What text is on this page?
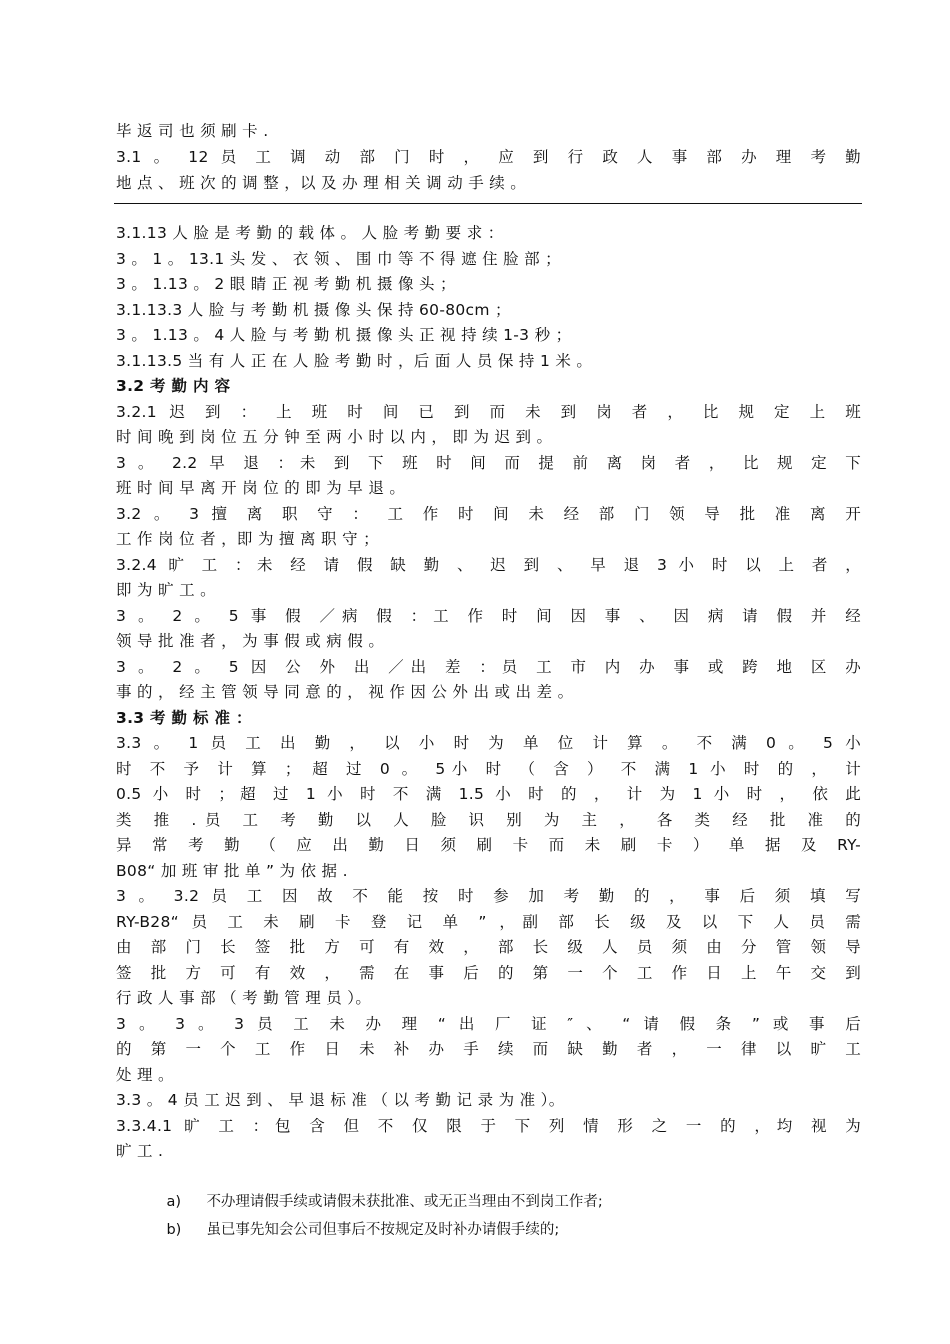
毕 返 司 也 须 刷 卡 .
3.1 。 12 员 工 调 动 部 门 时 ， 应 到 行 政 人 事 部 办 理 考 勤
地 点 、 班 次 的 调 整 ，以 及 办 理 相 关 调 动 手 续 。
3.1.13 人 脸 是 考 勤 的 载 体 。 人 脸 考 勤 要 求 ：
3 。 1 。 13.1 头 发 、 衣 领 、 围 巾 等 不 得 遮 住 脸 部 ；
3 。 1.13 。 2 眼 睛 正 视 考 勤 机 摄 像 头 ；
3.1.13.3 人 脸 与 考 勤 机 摄 像 头 保 持 60-80cm ；
3 。 1.13 。 4 人 脸 与 考 勤 机 摄 像 头 正 视 持 续 1-3 秒 ；
3.1.13.5 当 有 人 正 在 人 脸 考 勤 时 ，后 面 人 员 保 持 1 米 。
3.2 考 勤 内 容
3.2.1 迟 到 ： 上 班 时 间 已 到 而 未 到 岗 者 ， 比 规 定 上 班
时 间 晚 到 岗 位 五 分 钟 至 两 小 时 以 内 ， 即 为 迟 到 。
3 。 2.2 早 退 ：未 到 下 班 时 间 而 提 前 离 岗 者 ， 比 规 定 下
班 时 间 早 离 开 岗 位 的 即 为 早 退 。
3.2 。 3 擅 离 职 守 ： 工 作 时 间 未 经 部 门 领 导 批 准 离 开
工 作 岗 位 者 ，即 为 擅 离 职 守 ；
3.2.4 旷 工 ：未 经 请 假 缺 勤 、 迟 到 、 早 退 3 小 时 以 上 者 ，
即 为 旷 工 。
3 。 2 。 5 事 假 ／病 假 ：工 作 时 间 因 事 、 因 病 请 假 并 经
领 导 批 准 者 ， 为 事 假 或 病 假 。
3 。 2 。 5 因 公 外 出 ／出 差 ：员 工 市 内 办 事 或 跨 地 区 办
事 的 ， 经 主 管 领 导 同 意 的 ， 视 作 因 公 外 出 或 出 差 。
3.3 考 勤 标 准 ：
3.3 。 1 员 工 出 勤 ， 以 小 时 为 单 位 计 算 。 不 满 0 。 5 小
时 不 予 计 算 ； 超 过 0 。 5小 时 （ 含 ） 不 满 1 小 时 的 ， 计
0.5 小 时 ；超 过 1 小 时 不 满 1.5 小 时 的 ， 计 为 1 小 时 ， 依 此
类 推 .员 工 考 勤 以 人 脸 识 别 为 主 ， 各 类 经 批 准 的
异 常 考 勤 （ 应 出 勤 日 须 刷 卡 而 未 刷 卡 ） 单 据 及 RY-
B08“ 加 班 审 批 单 ” 为 依 据 .
3 。 3.2 员 工 因 故 不 能 按 时 参 加 考 勤 的 ， 事 后 须 填 写
RY-B28“ 员 工 未 刷 卡 登 记 单 ” ，副 部 长 级 及 以 下 人 员 需
由 部 门 长 签 批 方 可 有 效 ， 部 长 级 人 员 须 由 分 管 领 导
签 批 方 可 有 效 ， 需 在 事 后 的 第 一 个 工 作 日 上 午 交 到
行 政 人 事 部 （ 考 勤 管 理 员 ）。
3 。 3 。 3 员 工 未 办 理 “ 出 厂 证 ″ 、 “ 请 假 条 ” 或 事 后
的 第 一 个 工 作 日 未 补 办 手 续 而 缺 勤 者 ， 一 律 以 旷 工
处 理 。
3.3 。 4 员 工 迟 到 、 早 退 标 准 （ 以 考 勤 记 录 为 准 ）。
3.3.4.1 旷 工 ：包 含 但 不 仅 限 于 下 列 情 形 之 一 的 ，均 视 为
旷 工 .

a) 不办理请假手续或请假未获批准、或无正当理由不到岗工作者;

b) 虽已事先知会公司但事后不按规定及时补办请假手续的;
